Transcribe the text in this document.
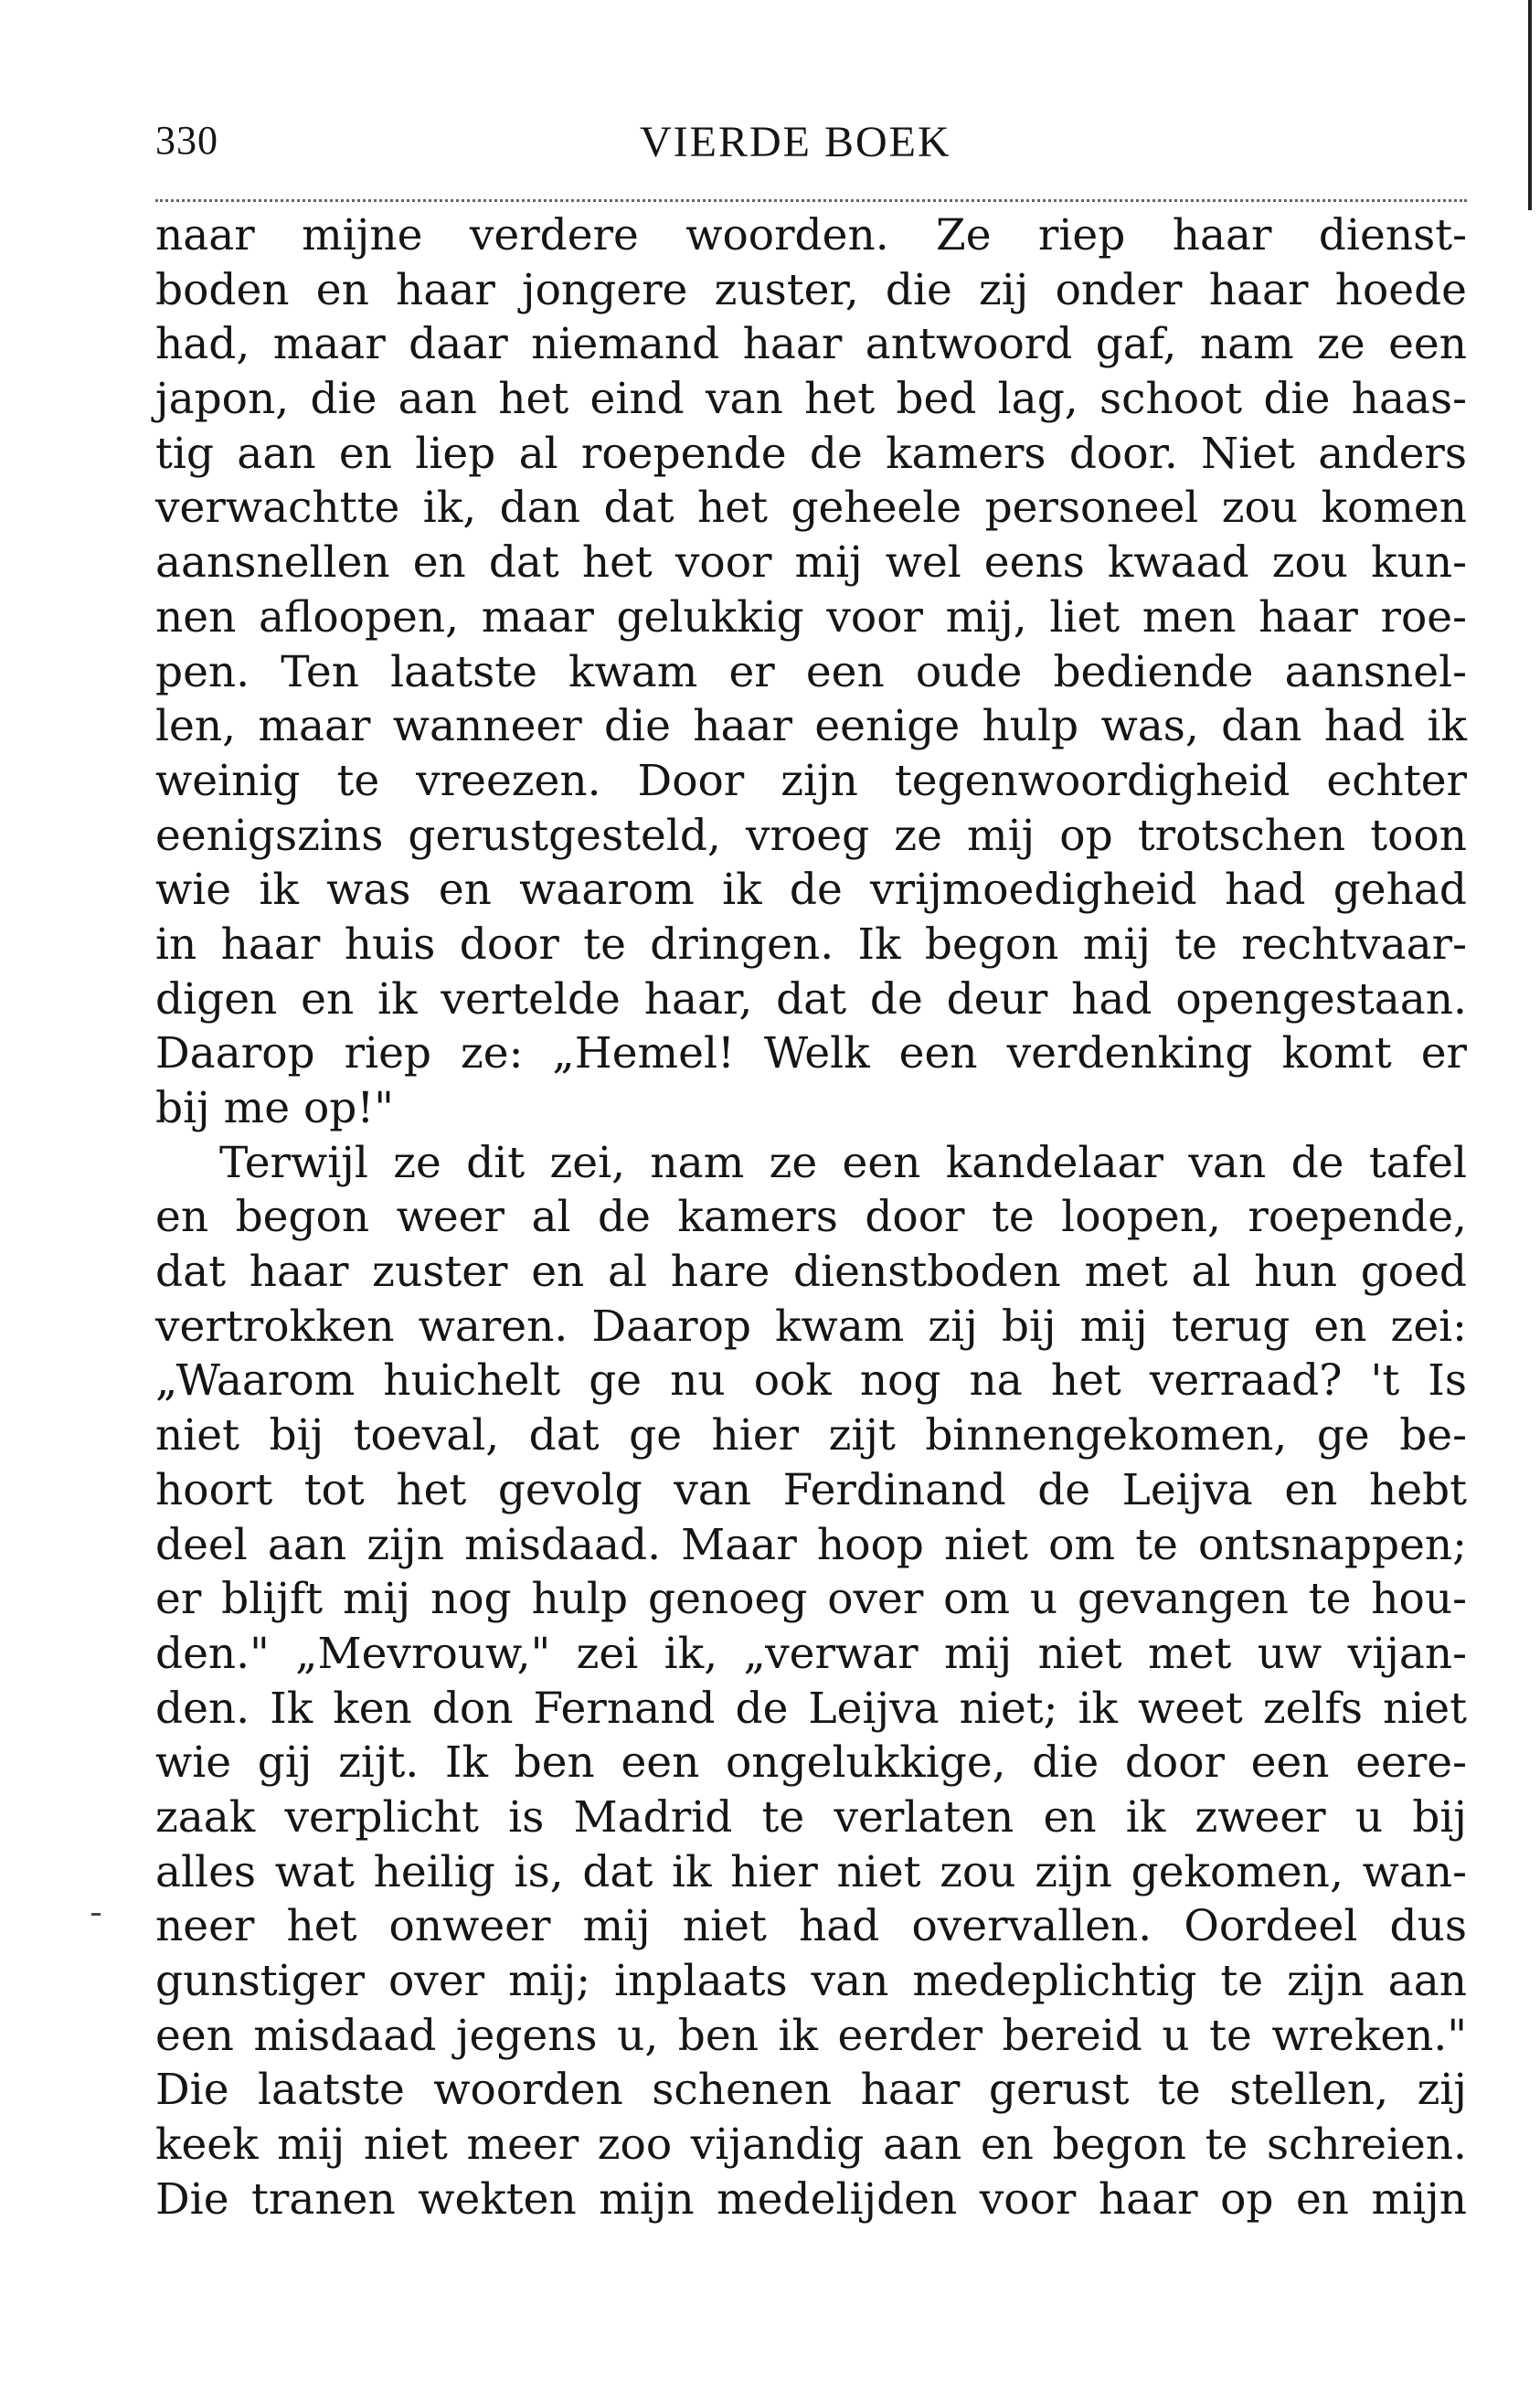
330	VIERDE BOEK
naar mijne verdere woorden. Ze riep haar dienst-
boden en haar jongere zuster, die zij onder haar hoede
had, maar daar niemand haar antwoord gaf, nam ze een
japon, die aan het eind van het bed lag, schoot die haas-
tig aan en liep al roepende de kamers door. Niet anders
verwachtte ik, dan dat het geheele personeel zou komen
aansnellen en dat het voor mij wel eens kwaad zou kun-
nen afloopen, maar gelukkig voor mij, liet men haar roe-
pen. Ten laatste kwam er een oude bediende aansnel-
len, maar wanneer die haar eenige hulp was, dan had ik
weinig te vreezen. Door zijn tegenwoordigheid echter
eenigszins gerustgesteld, vroeg ze mij op trotschen toon
wie ik was en waarom ik de vrijmoedigheid had gehad
in haar huis door te dringen. Ik begon mij te rechtvaar-
digen en ik vertelde haar, dat de deur had opengestaan.
Daarop riep ze: „Hemel! Welk een verdenking komt er
bij me op!"
Terwijl ze dit zei, nam ze een kandelaar van de tafel
en begon weer al de kamers door te loopen, roepende,
dat haar zuster en al hare dienstboden met al hun goed
vertrokken waren. Daarop kwam zij bij mij terug en zei:
„Waarom huichelt ge nu ook nog na het verraad? 't Is
niet bij toeval, dat ge hier zijt binnengekomen, ge be-
hoort tot het gevolg van Ferdinand de Leijva en hebt
deel aan zijn misdaad. Maar hoop niet om te ontsnappen;
er blijft mij nog hulp genoeg over om u gevangen te hou-
den." „Mevrouw," zei ik, „verwar mij niet met uw vijan-
den. Ik ken don Fernand de Leijva niet; ik weet zelfs niet
wie gij zijt. Ik ben een ongelukkige, die door een eere-
zaak verplicht is Madrid te verlaten en ik zweer u bij
alles wat heilig is, dat ik hier niet zou zijn gekomen, wan-
neer het onweer mij niet had overvallen. Oordeel dus
gunstiger over mij; inplaats van medeplichtig te zijn aan
een misdaad jegens u, ben ik eerder bereid u te wreken."
Die laatste woorden schenen haar gerust te stellen, zij
keek mij niet meer zoo vijandig aan en begon te schreien.
Die tranen wekten mijn medelijden voor haar op en mijn
